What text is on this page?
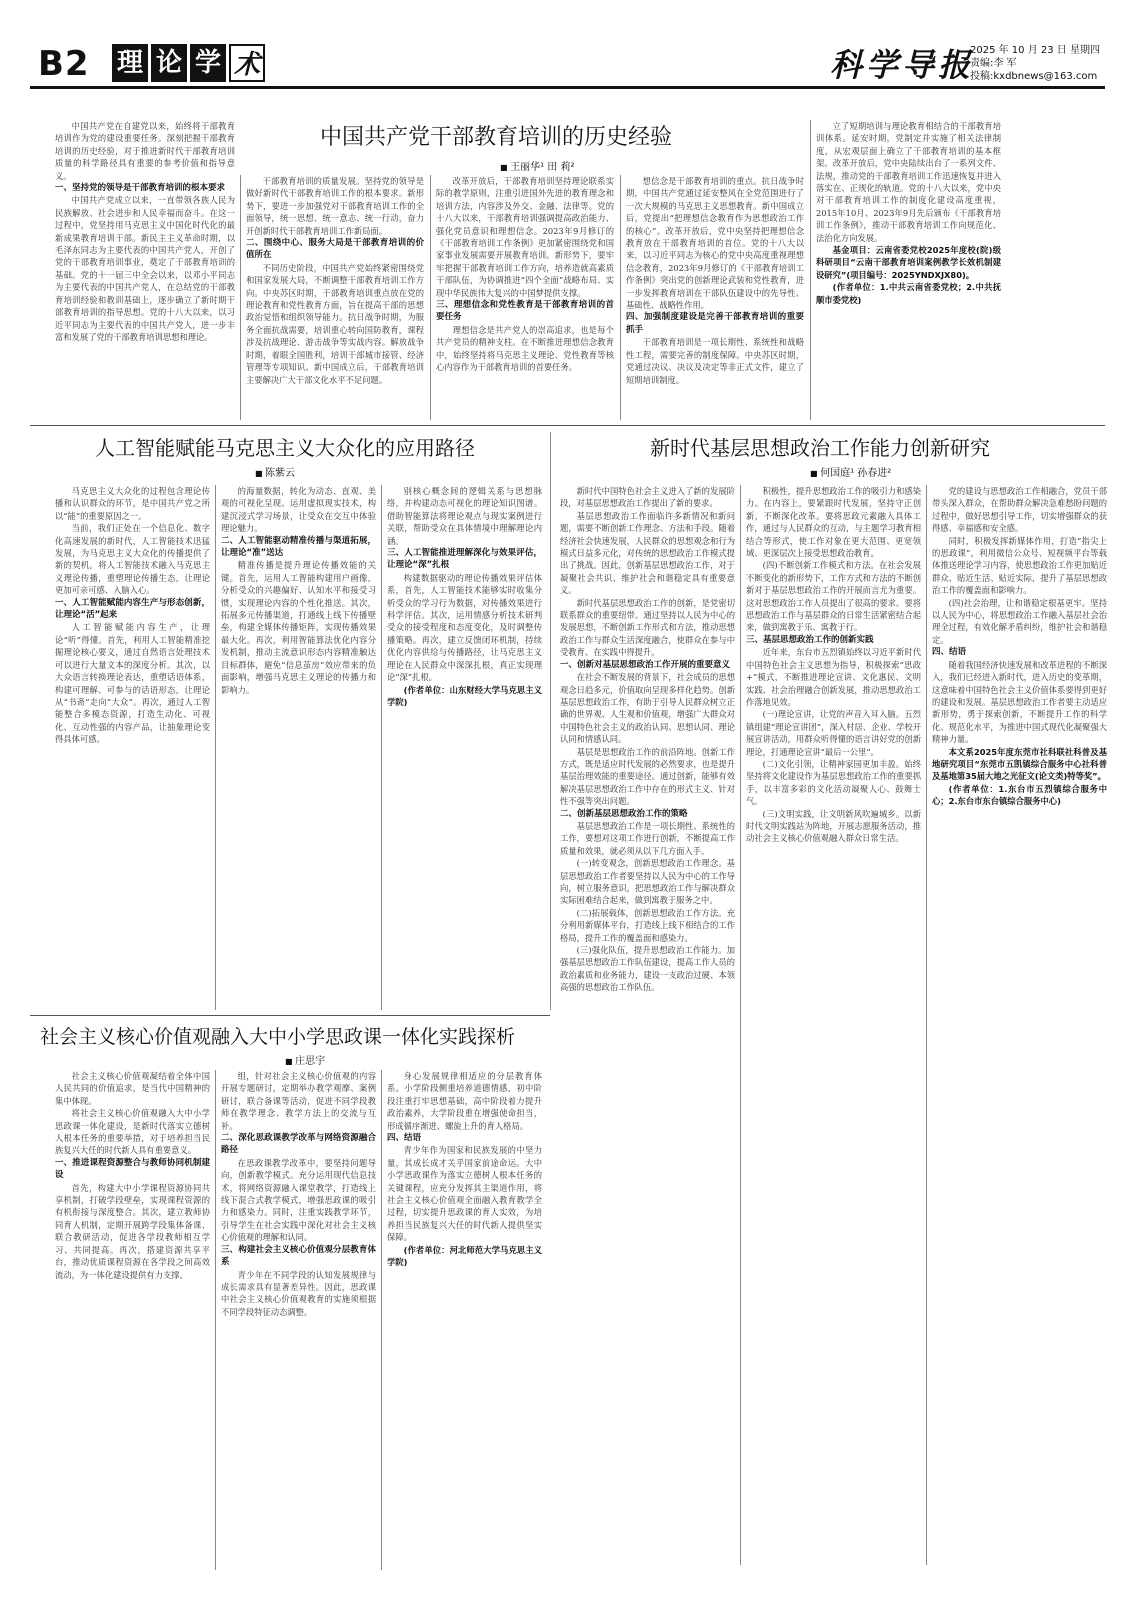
B2 理 论 学 术	科学导报
2025 年 10 月 23 日 星期四
责编:李 军
投稿:kxdbnews@163.com
中国共产党干部教育培训的历史经验
■ 王丽华¹ 田 莉²

中国共产党在自建党以来，始终将干部教育培训作为党的建设重要任务。深刻把握干部教育培训的历史经验，对于推进新时代干部教育培训质量的科学路径具有重要的参考价值和指导意义。

一、坚持党的领导是干部教育培训的根本要求

中国共产党成立以来，一直带领各族人民为民族解放、社会进步和人民幸福而奋斗。在这一过程中，党坚持用马克思主义中国化时代化的最新成果教育培训干部。新民主主义革命时期，以毛泽东同志为主要代表的中国共产党人，开创了党的干部教育培训事业，奠定了干部教育培训的基础。党的十一届三中全会以来，以邓小平同志为主要代表的中国共产党人，在总结党的干部教育培训经验和教训基础上，逐步确立了新时期干部教育培训的指导思想。党的十八大以来，以习近平同志为主要代表的中国共产党人，进一步丰富和发展了党的干部教育培训思想和理论。

干部教育培训的质量发展。坚持党的领导是做好新时代干部教育培训工作的根本要求。新形势下，要进一步加强党对干部教育培训工作的全面领导，统一思想、统一意志、统一行动，奋力开创新时代干部教育培训工作新局面。

二、围绕中心、服务大局是干部教育培训的价值所在

不同历史阶段，中国共产党始终紧密围绕党和国家发展大局，不断调整干部教育培训工作方向。中央苏区时期，干部教育培训重点放在党的理论教育和党性教育方面，旨在提高干部的思想政治觉悟和组织领导能力。抗日战争时期，为服务全面抗战需要，培训重心转向国防教育，课程涉及抗战理论、游击战争等实战内容。解放战争时期，着眼全国胜利，培训干部城市接管、经济管理等专项知识。新中国成立后，干部教育培训主要解决广大干部文化水平不足问题。

改革开放后，干部教育培训坚持理论联系实际的教学原则，注重引进国外先进的教育理念和培训方法，内容涉及外交、金融、法律等。党的十八大以来，干部教育培训强调提高政治能力、强化党员意识和理想信念。2023年9月修订的《干部教育培训工作条例》更加紧密围绕党和国家事业发展需要开展教育培训。新形势下，要牢牢把握干部教育培训工作方向，培养造就高素质干部队伍，为协调推进“四个全面”战略布局、实现中华民族伟大复兴的中国梦提供支撑。

三、理想信念和党性教育是干部教育培训的首要任务

理想信念是共产党人的崇高追求，也是每个共产党员的精神支柱。在不断推进理想信念教育中，始终坚持将马克思主义理论、党性教育等核心内容作为干部教育培训的首要任务。

想信念是干部教育培训的重点。抗日战争时期，中国共产党通过延安整风在全党范围进行了一次大规模的马克思主义思想教育。新中国成立后，党提出“把理想信念教育作为思想政治工作的核心”。改革开放后，党中央坚持把理想信念教育放在干部教育培训的首位。党的十八大以来，以习近平同志为核心的党中央高度重视理想信念教育，2023年9月修订的《干部教育培训工作条例》突出党的创新理论武装和党性教育，进一步发挥教育培训在干部队伍建设中的先导性、基础性、战略性作用。

四、加强制度建设是完善干部教育培训的重要抓手

干部教育培训是一项长期性、系统性和战略性工程，需要完善的制度保障。中央苏区时期，党通过决议、决议及决定等非正式文件，建立了短期培训制度。

立了短期培训与理论教育相结合的干部教育培训体系。延安时期，党制定并实施了相关法律制度，从宏观层面上确立了干部教育培训的基本框架。改革开放后，党中央陆续出台了一系列文件、法规，推动党的干部教育培训工作迅速恢复并进入落实在、正规化的轨道。党的十八大以来，党中央对干部教育培训工作的制度化建设高度重视，2015年10月、2023年9月先后颁布《干部教育培训工作条例》，推动干部教育培训工作向规范化、法治化方向发展。

基金项目：云南省委党校2025年度校(院)级科研项目“云南干部教育培训案例教学长效机制建设研究”(项目编号：2025YNDXJX80)。

(作者单位：1.中共云南省委党校；2.中共抚顺市委党校)

人工智能赋能马克思主义大众化的应用路径
■ 陈紫云

马克思主义大众化的过程包含理论传播和认识群众的环节，是中国共产党之所以“能”的重要原因之一。

当前，我们正处在一个信息化、数字化高速发展的新时代，人工智能技术迅猛发展，为马克思主义大众化的传播提供了新的契机。将人工智能技术融入马克思主义理论传播，重塑理论传播生态，让理论更加可亲可感、入脑入心。

一、人工智能赋能内容生产与形态创新，让理论“活”起来

人工智能赋能内容生产，让理论“听”得懂。首先，利用人工智能精准挖掘理论核心要义，通过自然语言处理技术可以进行大量文本的深度分析。其次，以大众语言转换理论表达，重塑话语体系，构建可理解、可参与的话语形态，让理论从“书斋”走向“大众”。再次，通过人工智能整合多模态资源，打造生动化、可视化、互动性强的内容产品，让抽象理论变得具体可感。

的海量数据，转化为动态、直观、美观的可视化呈现。运用虚拟现实技术，构建沉浸式学习场景，让受众在交互中体验理论魅力。

二、人工智能驱动精准传播与渠道拓展，让理论“准”送达

精准传播是提升理论传播效能的关键。首先，运用人工智能构建用户画像，分析受众的兴趣偏好、认知水平和接受习惯，实现理论内容的个性化推送。其次，拓展多元传播渠道，打通线上线下传播壁垒，构建全媒体传播矩阵，实现传播效果最大化。再次，利用智能算法优化内容分发机制，推动主流意识形态内容精准触达目标群体，避免“信息茧房”效应带来的负面影响，增强马克思主义理论的传播力和影响力。

别核心概念间的逻辑关系与思想脉络，并构建动态可视化的理论知识图谱。借助智能算法将理论观点与现实案例进行关联，帮助受众在具体情境中理解理论内涵。

三、人工智能推进理解深化与效果评估，让理论“深”扎根

构建数据驱动的理论传播效果评估体系，首先，人工智能技术能够实时收集分析受众的学习行为数据，对传播效果进行科学评估。其次，运用情感分析技术研判受众的接受程度和态度变化，及时调整传播策略。再次，建立反馈闭环机制，持续优化内容供给与传播路径，让马克思主义理论在人民群众中深深扎根，真正实现理论“深”扎根。

(作者单位：山东财经大学马克思主义学院)

新时代基层思想政治工作能力创新研究
■ 何国庭¹ 孙春进²

新时代中国特色社会主义进入了新的发展阶段，对基层思想政治工作提出了新的要求。

基层思想政治工作面临许多新情况和新问题，需要不断创新工作理念、方法和手段。随着经济社会快速发展，人民群众的思想观念和行为模式日益多元化，对传统的思想政治工作模式提出了挑战。因此，创新基层思想政治工作，对于凝聚社会共识、维护社会和谐稳定具有重要意义。

新时代基层思想政治工作的创新，是党密切联系群众的重要纽带。通过坚持以人民为中心的发展思想，不断创新工作形式和方法，推动思想政治工作与群众生活深度融合，使群众在参与中受教育、在实践中得提升。

一、创新对基层思想政治工作开展的重要意义

在社会不断发展的背景下，社会成员的思想观念日趋多元，价值取向呈现多样化趋势。创新基层思想政治工作，有助于引导人民群众树立正确的世界观、人生观和价值观，增强广大群众对中国特色社会主义的政治认同、思想认同、理论认同和情感认同。

基层是思想政治工作的前沿阵地。创新工作方式，既是适应时代发展的必然要求，也是提升基层治理效能的重要途径。通过创新，能够有效解决基层思想政治工作中存在的形式主义、针对性不强等突出问题。

二、创新基层思想政治工作的策略

基层思想政治工作是一项长期性、系统性的工作，要想对这项工作进行创新，不断提高工作质量和效果，就必须从以下几方面入手。

(一)转变观念，创新思想政治工作理念。基层思想政治工作者要坚持以人民为中心的工作导向，树立服务意识，把思想政治工作与解决群众实际困难结合起来，做到寓教于服务之中。

(二)拓展载体，创新思想政治工作方法。充分利用新媒体平台，打造线上线下相结合的工作格局，提升工作的覆盖面和感染力。

(三)强化队伍，提升思想政治工作能力。加强基层思想政治工作队伍建设，提高工作人员的政治素质和业务能力，建设一支政治过硬、本领高强的思想政治工作队伍。

积极性，提升思想政治工作的吸引力和感染力。在内容上，要紧跟时代发展，坚持守正创新，不断深化改革。要将思政元素融入具体工作，通过与人民群众的互动，与主题学习教育相结合等形式，使工作对象在更大范围、更宽领域、更深层次上接受思想政治教育。

(四)不断创新工作模式和方法。在社会发展不断变化的新形势下，工作方式和方法的不断创新对于基层思想政治工作的开展而言尤为重要。这对思想政治工作人员提出了很高的要求。要将思想政治工作与基层群众的日常生活紧密结合起来，做到寓教于乐、寓教于行。

三、基层思想政治工作的创新实践

近年来，东台市五烈镇始终以习近平新时代中国特色社会主义思想为指导，积极探索“思政+”模式，不断推进理论宣讲、文化惠民、文明实践、社会治理融合创新发展，推动思想政治工作落地见效。

(一)理论宣讲，让党的声音入耳入脑。五烈镇组建“理论宣讲团”，深入村居、企业、学校开展宣讲活动，用群众听得懂的语言讲好党的创新理论，打通理论宣讲“最后一公里”。

(二)文化引领，让精神家园更加丰盈。始终坚持将文化建设作为基层思想政治工作的重要抓手，以丰富多彩的文化活动凝聚人心、鼓舞士气。

(三)文明实践，让文明新风吹遍城乡。以新时代文明实践站为阵地，开展志愿服务活动，推动社会主义核心价值观融入群众日常生活。

党的建设与思想政治工作相融合，党员干部带头深入群众，在帮助群众解决急难愁盼问题的过程中，做好思想引导工作，切实增强群众的获得感、幸福感和安全感。

同时，积极发挥新媒体作用，打造“指尖上的思政课”，利用微信公众号、短视频平台等载体推送理论学习内容，使思想政治工作更加贴近群众、贴近生活、贴近实际，提升了基层思想政治工作的覆盖面和影响力。

(四)社会治理，让和谐稳定根基更牢。坚持以人民为中心，将思想政治工作融入基层社会治理全过程，有效化解矛盾纠纷，维护社会和谐稳定。

四、结语

随着我国经济快速发展和改革进程的不断深入，我们已经进入新时代，进入历史的变革期，这意味着中国特色社会主义价值体系要得到更好的建设和发展。基层思想政治工作者要主动适应新形势，勇于探索创新，不断提升工作的科学化、规范化水平，为推进中国式现代化凝聚强大精神力量。

本文系2025年度东莞市社科联社科普及基地研究项目“东莞市五凯镇综合服务中心社科普及基地第35届大地之光征文(论文类)特等奖”。

(作者单位：1.东台市五烈镇综合服务中心；2.东台市东台镇综合服务中心)

社会主义核心价值观融入大中小学思政课一体化实践探析
■ 庄思宇

社会主义核心价值观凝结着全体中国人民共同的价值追求，是当代中国精神的集中体现。

将社会主义核心价值观融入大中小学思政课一体化建设，是新时代落实立德树人根本任务的重要举措，对于培养担当民族复兴大任的时代新人具有重要意义。

一、推进课程资源整合与教师协同机制建设

首先，构建大中小学课程资源协同共享机制，打破学段壁垒，实现课程资源的有机衔接与深度整合。其次，建立教师协同育人机制，定期开展跨学段集体备课、联合教研活动，促进各学段教师相互学习、共同提高。再次，搭建资源共享平台，推动优质课程资源在各学段之间高效流动，为一体化建设提供有力支撑。

组，针对社会主义核心价值观的内容开展专题研讨，定期举办教学观摩、案例研讨，联合备课等活动，促进不同学段教师在教学理念、教学方法上的交流与互补。

二、深化思政课教学改革与网络资源融合路径

在思政课教学改革中，要坚持问题导向，创新教学模式。充分运用现代信息技术，将网络资源融入课堂教学，打造线上线下混合式教学模式，增强思政课的吸引力和感染力。同时，注重实践教学环节，引导学生在社会实践中深化对社会主义核心价值观的理解和认同。

三、构建社会主义核心价值观分层教育体系

青少年在不同学段的认知发展规律与成长需求具有显著差异性。因此，思政课中社会主义核心价值观教育的实施须根据不同学段特征动态调整。

身心发展规律相适应的分层教育体系。小学阶段侧重培养道德情感，初中阶段注重打牢思想基础，高中阶段着力提升政治素养，大学阶段重在增强使命担当，形成循序渐进、螺旋上升的育人格局。

四、结语

青少年作为国家和民族发展的中坚力量，其成长成才关乎国家前途命运。大中小学思政课作为落实立德树人根本任务的关键课程，应充分发挥其主渠道作用，将社会主义核心价值观全面融入教育教学全过程，切实提升思政课的育人实效，为培养担当民族复兴大任的时代新人提供坚实保障。

(作者单位：河北师范大学马克思主义学院)
